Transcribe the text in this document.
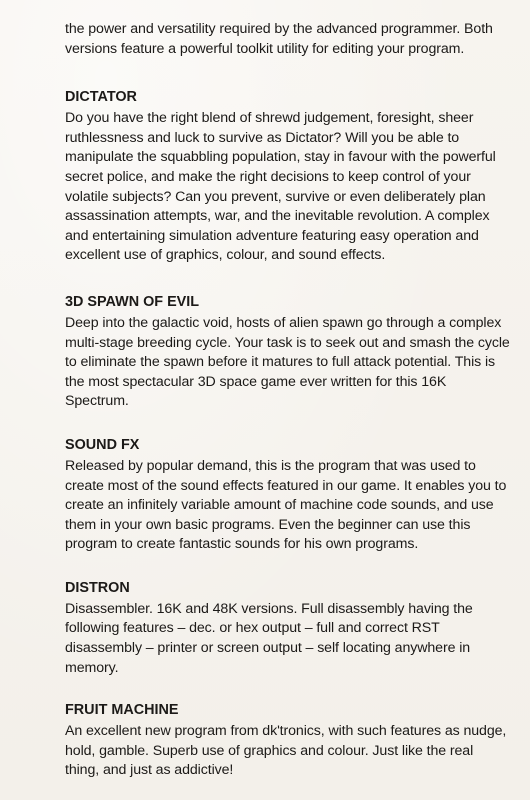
the power and versatility required by the advanced programmer. Both versions feature a powerful toolkit utility for editing your program.

DICTATOR

Do you have the right blend of shrewd judgement, foresight, sheer ruthlessness and luck to survive as Dictator? Will you be able to manipulate the squabbling population, stay in favour with the powerful secret police, and make the right decisions to keep control of your volatile subjects? Can you prevent, survive or even deliberately plan assassination attempts, war, and the inevitable revolution. A complex and entertaining simulation adventure featuring easy operation and excellent use of graphics, colour, and sound effects.

3D SPAWN OF EVIL

Deep into the galactic void, hosts of alien spawn go through a complex multi-stage breeding cycle. Your task is to seek out and smash the cycle to eliminate the spawn before it matures to full attack potential. This is the most spectacular 3D space game ever written for this 16K Spectrum.

SOUND FX

Released by popular demand, this is the program that was used to create most of the sound effects featured in our game. It enables you to create an infinitely variable amount of machine code sounds, and use them in your own basic programs. Even the beginner can use this program to create fantastic sounds for his own programs.

DISTRON

Disassembler. 16K and 48K versions. Full disassembly having the following features – dec. or hex output – full and correct RST disassembly – printer or screen output – self locating anywhere in memory.

FRUIT MACHINE

An excellent new program from dk'tronics, with such features as nudge, hold, gamble. Superb use of graphics and colour. Just like the real thing, and just as addictive!
